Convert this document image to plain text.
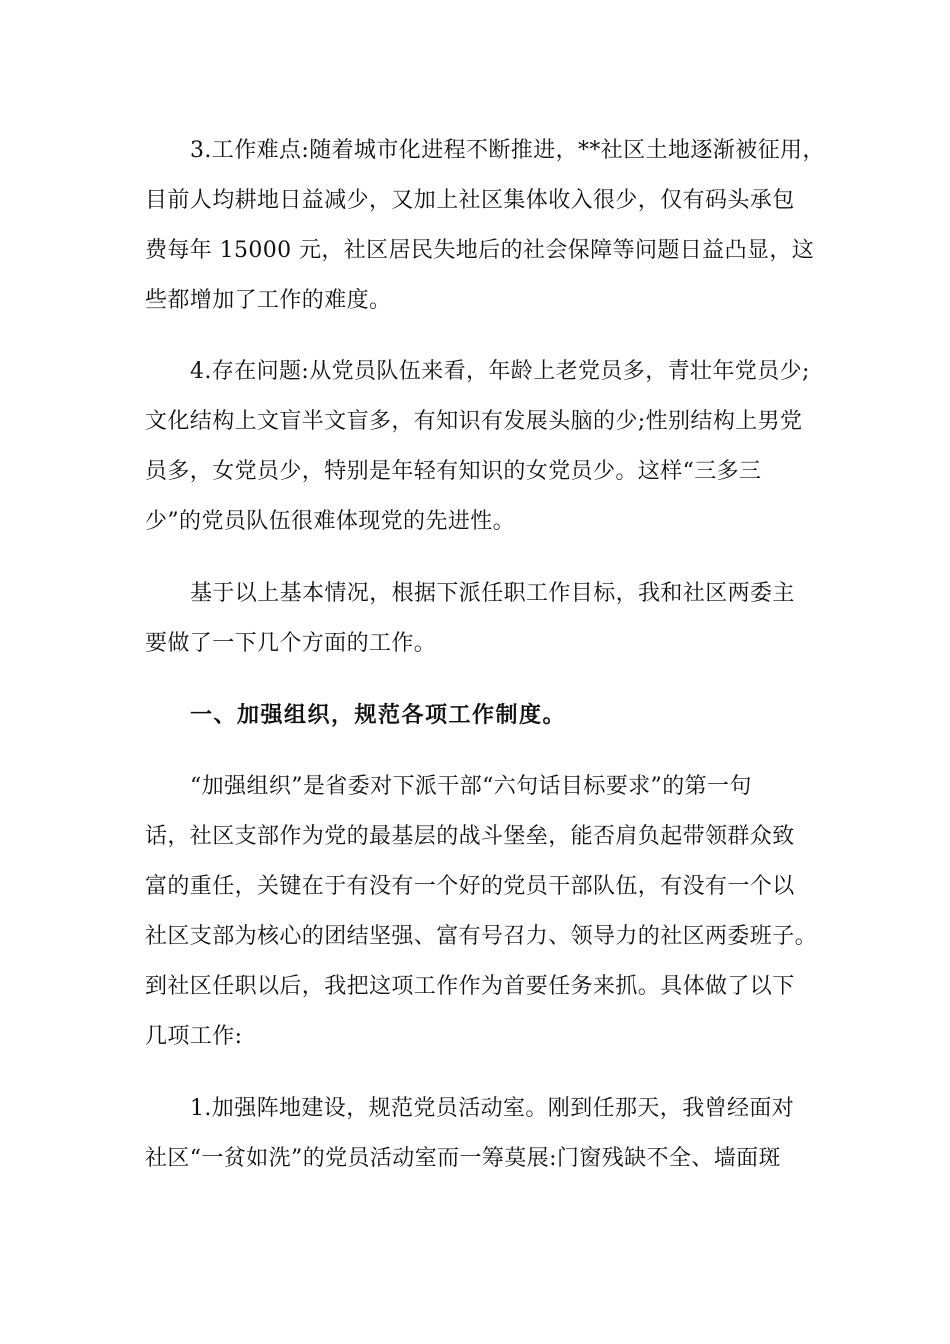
3.工作难点:随着城市化进程不断推进，**社区土地逐渐被征用，
目前人均耕地日益减少，又加上社区集体收入很少，仅有码头承包
费每年 15000 元，社区居民失地后的社会保障等问题日益凸显，这
些都增加了工作的难度。
4.存在问题:从党员队伍来看，年龄上老党员多，青壮年党员少;
文化结构上文盲半文盲多，有知识有发展头脑的少;性别结构上男党
员多，女党员少，特别是年轻有知识的女党员少。这样“三多三
少”的党员队伍很难体现党的先进性。
基于以上基本情况，根据下派任职工作目标，我和社区两委主
要做了一下几个方面的工作。
一、加强组织，规范各项工作制度。
“加强组织”是省委对下派干部“六句话目标要求”的第一句
话，社区支部作为党的最基层的战斗堡垒，能否肩负起带领群众致
富的重任，关键在于有没有一个好的党员干部队伍，有没有一个以
社区支部为核心的团结坚强、富有号召力、领导力的社区两委班子。
到社区任职以后，我把这项工作作为首要任务来抓。具体做了以下
几项工作:
1.加强阵地建设，规范党员活动室。刚到任那天，我曾经面对
社区“一贫如洗”的党员活动室而一筹莫展:门窗残缺不全、墙面斑
